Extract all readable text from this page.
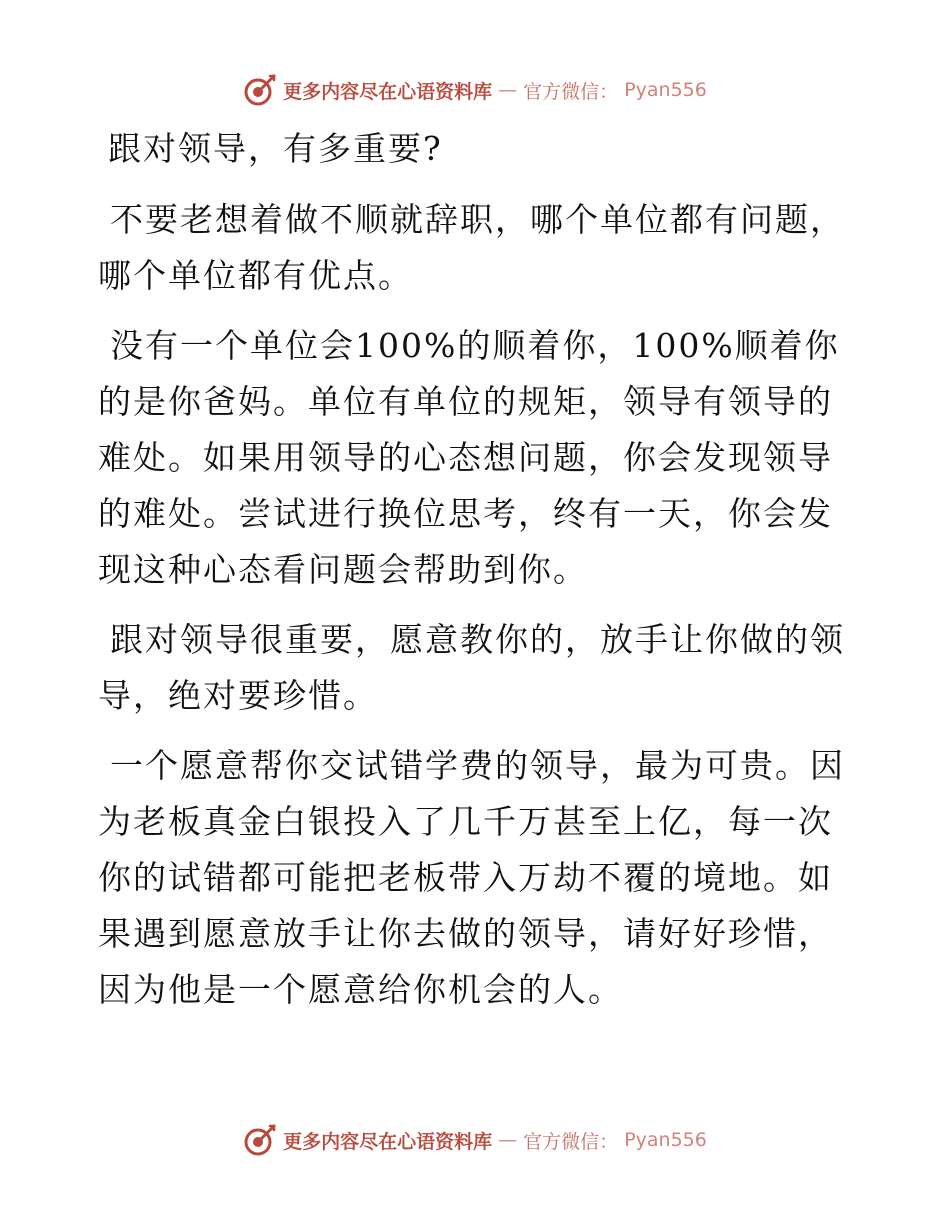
更多内容尽在心语资料库 — 官方微信： Pyan556
跟对领导，有多重要?

不要老想着做不顺就辞职，哪个单位都有问题，哪个单位都有优点。

没有一个单位会100%的顺着你，100%顺着你的是你爸妈。单位有单位的规矩，领导有领导的难处。如果用领导的心态想问题，你会发现领导的难处。尝试进行换位思考，终有一天，你会发现这种心态看问题会帮助到你。

跟对领导很重要，愿意教你的，放手让你做的领导，绝对要珍惜。

一个愿意帮你交试错学费的领导，最为可贵。因为老板真金白银投入了几千万甚至上亿，每一次你的试错都可能把老板带入万劫不覆的境地。如果遇到愿意放手让你去做的领导，请好好珍惜，因为他是一个愿意给你机会的人。

更多内容尽在心语资料库 — 官方微信： Pyan556
